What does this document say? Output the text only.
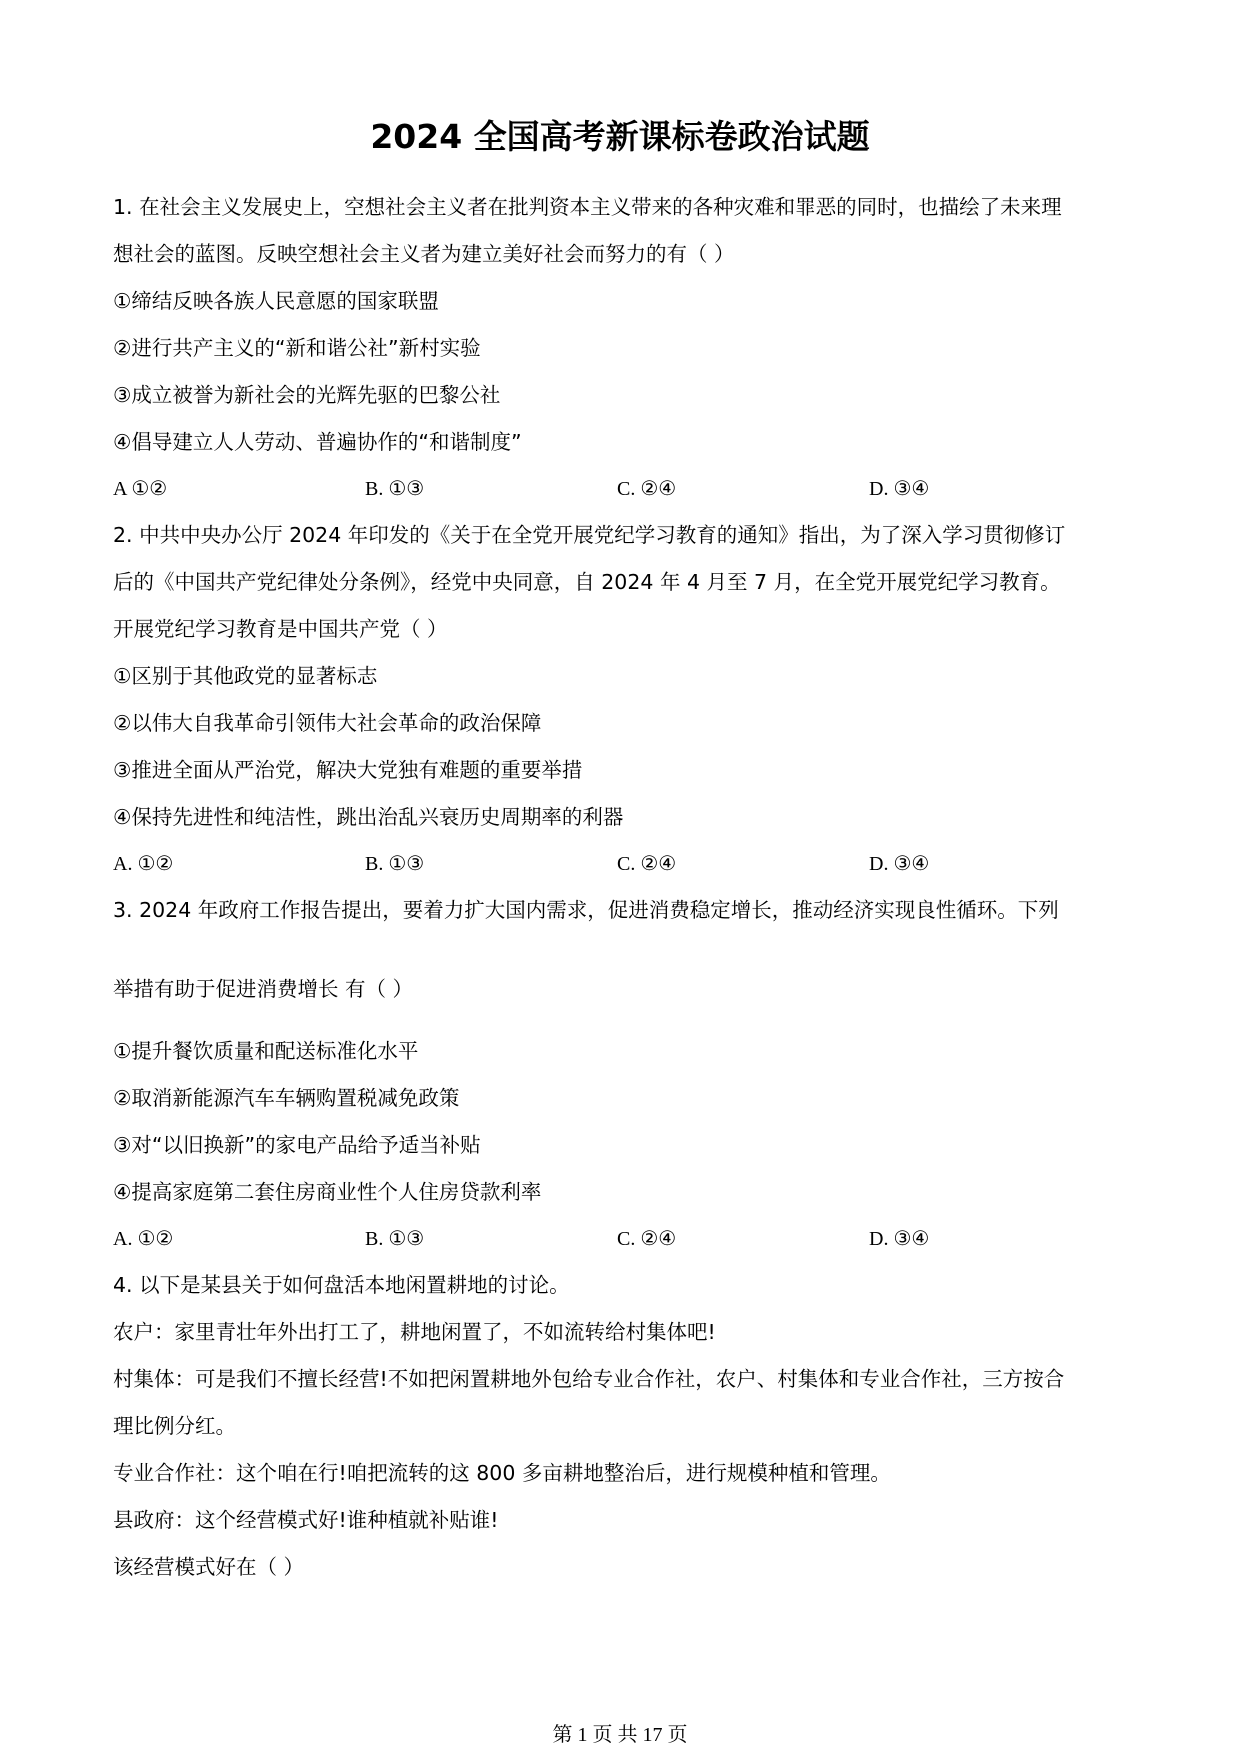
2024 全国高考新课标卷政治试题
1. 在社会主义发展史上，空想社会主义者在批判资本主义带来的各种灾难和罪恶的同时，也描绘了未来理
想社会的蓝图。反映空想社会主义者为建立美好社会而努力的有（ ）
①缔结反映各族人民意愿的国家联盟
②进行共产主义的“新和谐公社”新村实验
③成立被誉为新社会的光辉先驱的巴黎公社
④倡导建立人人劳动、普遍协作的“和谐制度”
A ①②	B. ①③	C. ②④	D. ③④
2. 中共中央办公厅 2024 年印发的《关于在全党开展党纪学习教育的通知》指出，为了深入学习贯彻修订
后的《中国共产党纪律处分条例》，经党中央同意，自 2024 年 4 月至 7 月，在全党开展党纪学习教育。
开展党纪学习教育是中国共产党（ ）
①区别于其他政党的显著标志
②以伟大自我革命引领伟大社会革命的政治保障
③推进全面从严治党，解决大党独有难题的重要举措
④保持先进性和纯洁性，跳出治乱兴衰历史周期率的利器
A. ①②	B. ①③	C. ②④	D. ③④
3. 2024 年政府工作报告提出，要着力扩大国内需求，促进消费稳定增长，推动经济实现良性循环。下列
举措有助于促进消费增长 有（ ）
①提升餐饮质量和配送标准化水平
②取消新能源汽车车辆购置税减免政策
③对“以旧换新”的家电产品给予适当补贴
④提高家庭第二套住房商业性个人住房贷款利率
A. ①②	B. ①③	C. ②④	D. ③④
4. 以下是某县关于如何盘活本地闲置耕地的讨论。
农户：家里青壮年外出打工了，耕地闲置了，不如流转给村集体吧!
村集体：可是我们不擅长经营!不如把闲置耕地外包给专业合作社，农户、村集体和专业合作社，三方按合
理比例分红。
专业合作社：这个咱在行!咱把流转的这 800 多亩耕地整治后，进行规模种植和管理。
县政府：这个经营模式好!谁种植就补贴谁!
该经营模式好在（ ）
第 1 页 共 17 页
